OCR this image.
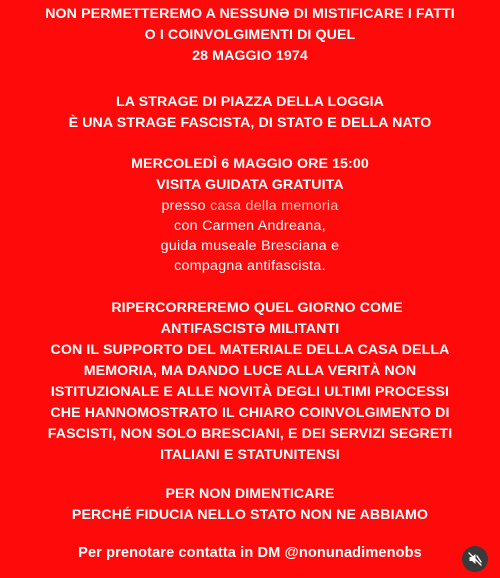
NON PERMETTEREMO A NESSUNƏ DI MISTIFICARE I FATTI
O I COINVOLGIMENTI DI QUEL
28 MAGGIO 1974
LA STRAGE DI PIAZZA DELLA LOGGIA
È UNA STRAGE FASCISTA, DI STATO E DELLA NATO
MERCOLEDÌ 6 MAGGIO ORE 15:00
VISITA GUIDATA GRATUITA
presso casa della memoria
con Carmen Andreana,
guida museale Bresciana e
compagna antifascista.
RIPERCORREREMO QUEL GIORNO COME
ANTIFASCISTƏ MILITANTI
CON IL SUPPORTO DEL MATERIALE DELLA CASA DELLA
MEMORIA, MA DANDO LUCE ALLA VERITÀ NON
ISTITUZIONALE E ALLE NOVITÀ DEGLI ULTIMI PROCESSI
CHE HANNOMOSTRATO IL CHIARO COINVOLGIMENTO DI
FASCISTI, NON SOLO BRESCIANI, E DEI SERVIZI SEGRETI
ITALIANI E STATUNITENSI
PER NON DIMENTICARE
PERCHÉ FIDUCIA NELLO STATO NON NE ABBIAMO
Per prenotare contatta in DM @nonunadimenobs
